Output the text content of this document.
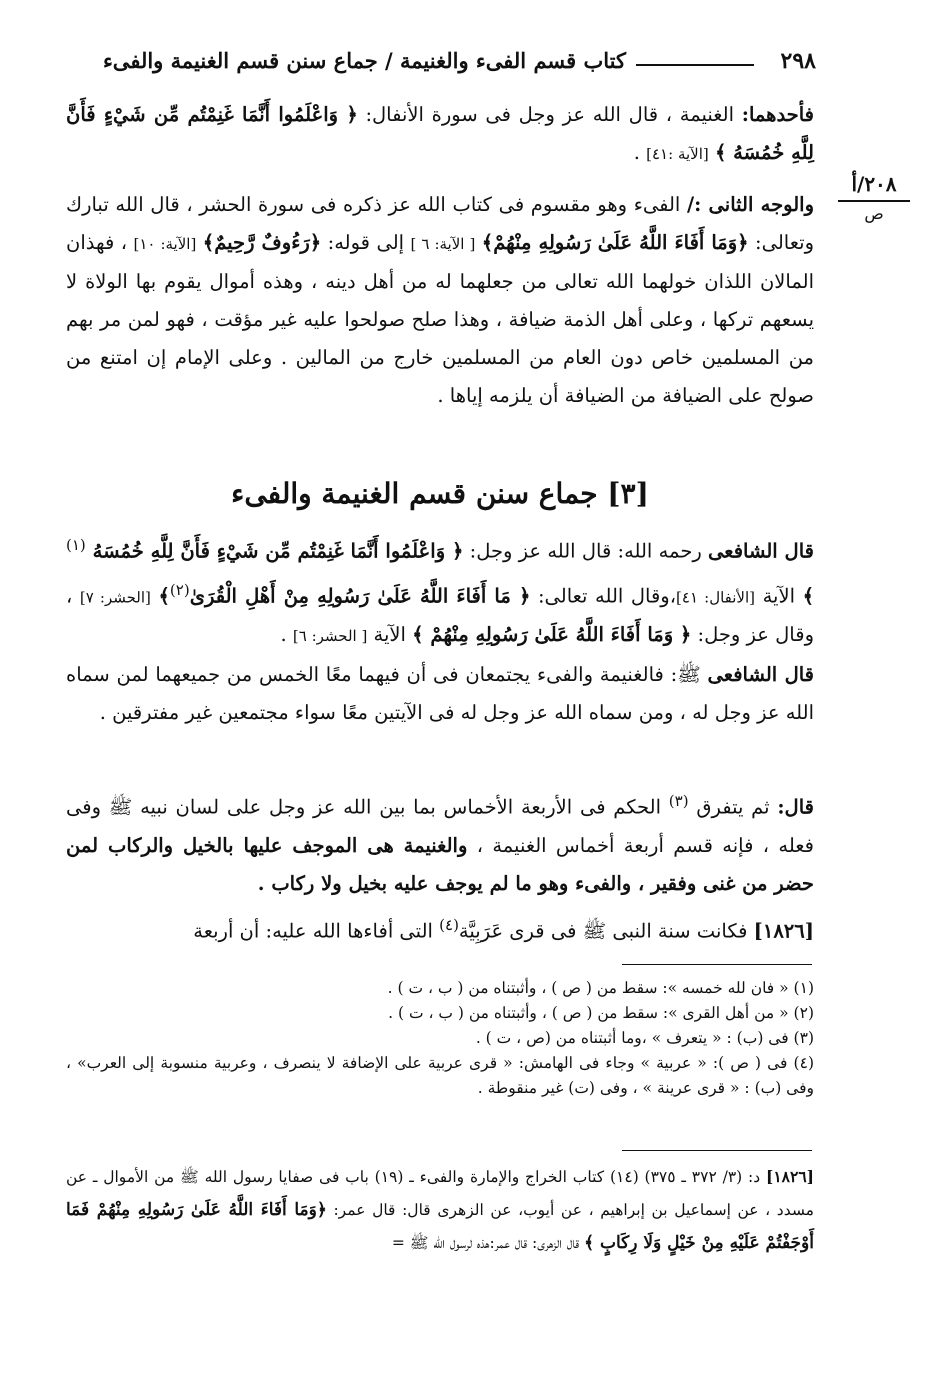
٢٩٨
كتاب قسم الفىء والغنيمة / جماع سنن قسم الغنيمة والفىء
٢٠٨/أ
ص
فأحدهما: الغنيمة ، قال الله عز وجل فى سورة الأنفال: ﴿ وَاعْلَمُوا أَنَّمَا غَنِمْتُم مِّن شَيْءٍ فَأَنَّ لِلَّهِ خُمُسَهُ ﴾ [الآية :٤١] .
والوجه الثانى :/ الفىء وهو مقسوم فى كتاب الله عز ذكره فى سورة الحشر ، قال الله تبارك وتعالى: ﴿وَمَا أَفَاءَ اللَّهُ عَلَىٰ رَسُولِهِ مِنْهُمْ﴾ [ الآية: ٦ ] إلى قوله: ﴿رَءُوفٌ رَّحِيمٌ﴾ [الآية: ١٠] ، فهذان المالان اللذان خولهما الله تعالى من جعلهما له من أهل دينه ، وهذه أموال يقوم بها الولاة لا يسعهم تركها ، وعلى أهل الذمة ضيافة ، وهذا صلح صولحوا عليه غير مؤقت ، فهو لمن مر بهم من المسلمين خاص دون العام من المسلمين خارج من المالين . وعلى الإمام إن امتنع من صولح على الضيافة من الضيافة أن يلزمه إياها .
[٣] جماع سنن قسم الغنيمة والفىء
قال الشافعى رحمه الله: قال الله عز وجل: ﴿ وَاعْلَمُوا أَنَّمَا غَنِمْتُم مِّن شَيْءٍ فَأَنَّ لِلَّهِ خُمُسَهُ $^{(١)}$ ﴾ الآية [الأنفال: ٤١]،وقال الله تعالى: ﴿ مَا أَفَاءَ اللَّهُ عَلَىٰ رَسُولِهِ مِنْ أَهْلِ الْقُرَىٰ$^{(٢)}$﴾ [الحشر: ٧] ، وقال عز وجل: ﴿ وَمَا أَفَاءَ اللَّهُ عَلَىٰ رَسُولِهِ مِنْهُمْ ﴾ الآية [ الحشر: ٦] .
قال الشافعى ﷺ: فالغنيمة والفىء يجتمعان فى أن فيهما معًا الخمس من جميعهما لمن سماه الله عز وجل له ، ومن سماه الله عز وجل له فى الآيتين معًا سواء مجتمعين غير مفترقين .
قال: ثم يتفرق $^{(٣)}$ الحكم فى الأربعة الأخماس بما بين الله عز وجل على لسان نبيه ﷺ وفى فعله ، فإنه قسم أربعة أخماس الغنيمة ، والغنيمة هى الموجف عليها بالخيل والركاب لمن حضر من غنى وفقير ، والفىء وهو ما لم يوجف عليه بخيل ولا ركاب .
[١٨٢٦] فكانت سنة النبى ﷺ فى قرى عَرَبِيَّة$^{(٤)}$ التى أفاءها الله عليه: أن أربعة
(١) « فان لله خمسه »: سقط من ( ص ) ، وأثبتناه من ( ب ، ت ) .
(٢) « من أهل القرى »: سقط من ( ص ) ، وأثبتناه من ( ب ، ت ) .
(٣) فى (ب) : « يتعرف » ،وما أثبتناه من (ص ، ت ) .
(٤) فى ( ص ): « عربية » وجاء فى الهامش: « قرى عربية على الإضافة لا ينصرف ، وعربية منسوبة إلى العرب» ، وفى (ب) : « قرى عرينة » ، وفى (ت) غير منقوطة .
[١٨٢٦] د: (٣/ ٣٧٢ ـ ٣٧٥) (١٤) كتاب الخراج والإمارة والفىء ـ (١٩) باب فى صفايا رسول الله ﷺ من الأموال ـ عن مسدد ، عن إسماعيل بن إبراهيم ، عن أيوب، عن الزهرى قال: قال عمر: ﴿وَمَا أَفَاءَ اللَّهُ عَلَىٰ رَسُولِهِ مِنْهُمْ فَمَا أَوْجَفْتُمْ عَلَيْهِ مِنْ خَيْلٍ وَلَا رِكَابٍ ﴾ قال الزهرى: قال عمر:هذه لرسول الله ﷺ =
